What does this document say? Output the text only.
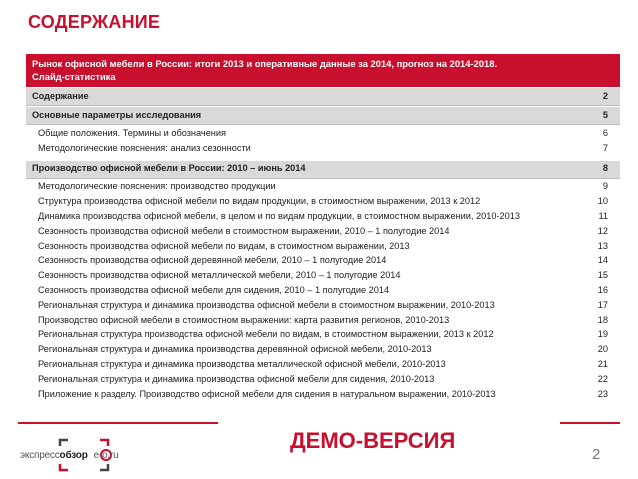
СОДЕРЖАНИЕ
Рынок офисной мебели в России: итоги 2013 и оперативные данные за 2014, прогноз на 2014-2018.
Слайд-статистика
Содержание	2
Основные параметры исследования	5
Общие положения. Термины и обозначения	6
Методологические пояснения: анализ сезонности	7
Производство офисной мебели в России: 2010 – июнь 2014	8
Методологические пояснения: производство продукции	9
Структура производства офисной мебели по видам продукции, в стоимостном выражении, 2013 к 2012	10
Динамика производства офисной мебели, в целом и по видам продукции, в стоимостном выражении, 2010-2013	11
Сезонность производства офисной мебели в стоимостном выражении, 2010 – 1 полугодие 2014	12
Сезонность производства офисной мебели по видам, в стоимостном выражении, 2013	13
Сезонность производства офисной деревянной мебели, 2010 – 1 полугодие 2014	14
Сезонность производства офисной металлической мебели, 2010 – 1 полугодие 2014	15
Сезонность производства офисной мебели для сидения, 2010 – 1 полугодие 2014	16
Региональная структура и динамика производства офисной мебели в стоимостном выражении, 2010-2013	17
Производство офисной мебели в стоимостном выражении: карта развития регионов, 2010-2013	18
Региональная структура производства офисной мебели по видам, в стоимостном выражении, 2013 к 2012	19
Региональная структура и динамика производства деревянной офисной мебели, 2010-2013	20
Региональная структура и динамика производства металлической офисной мебели, 2010-2013	21
Региональная структура и динамика производства офисной мебели для сидения, 2010-2013	22
Приложение к разделу. Производство офисной мебели для сидения в натуральном выражении, 2010-2013	23
экспрессобзор e-o.ru
ДЕМО-ВЕРСИЯ
2
